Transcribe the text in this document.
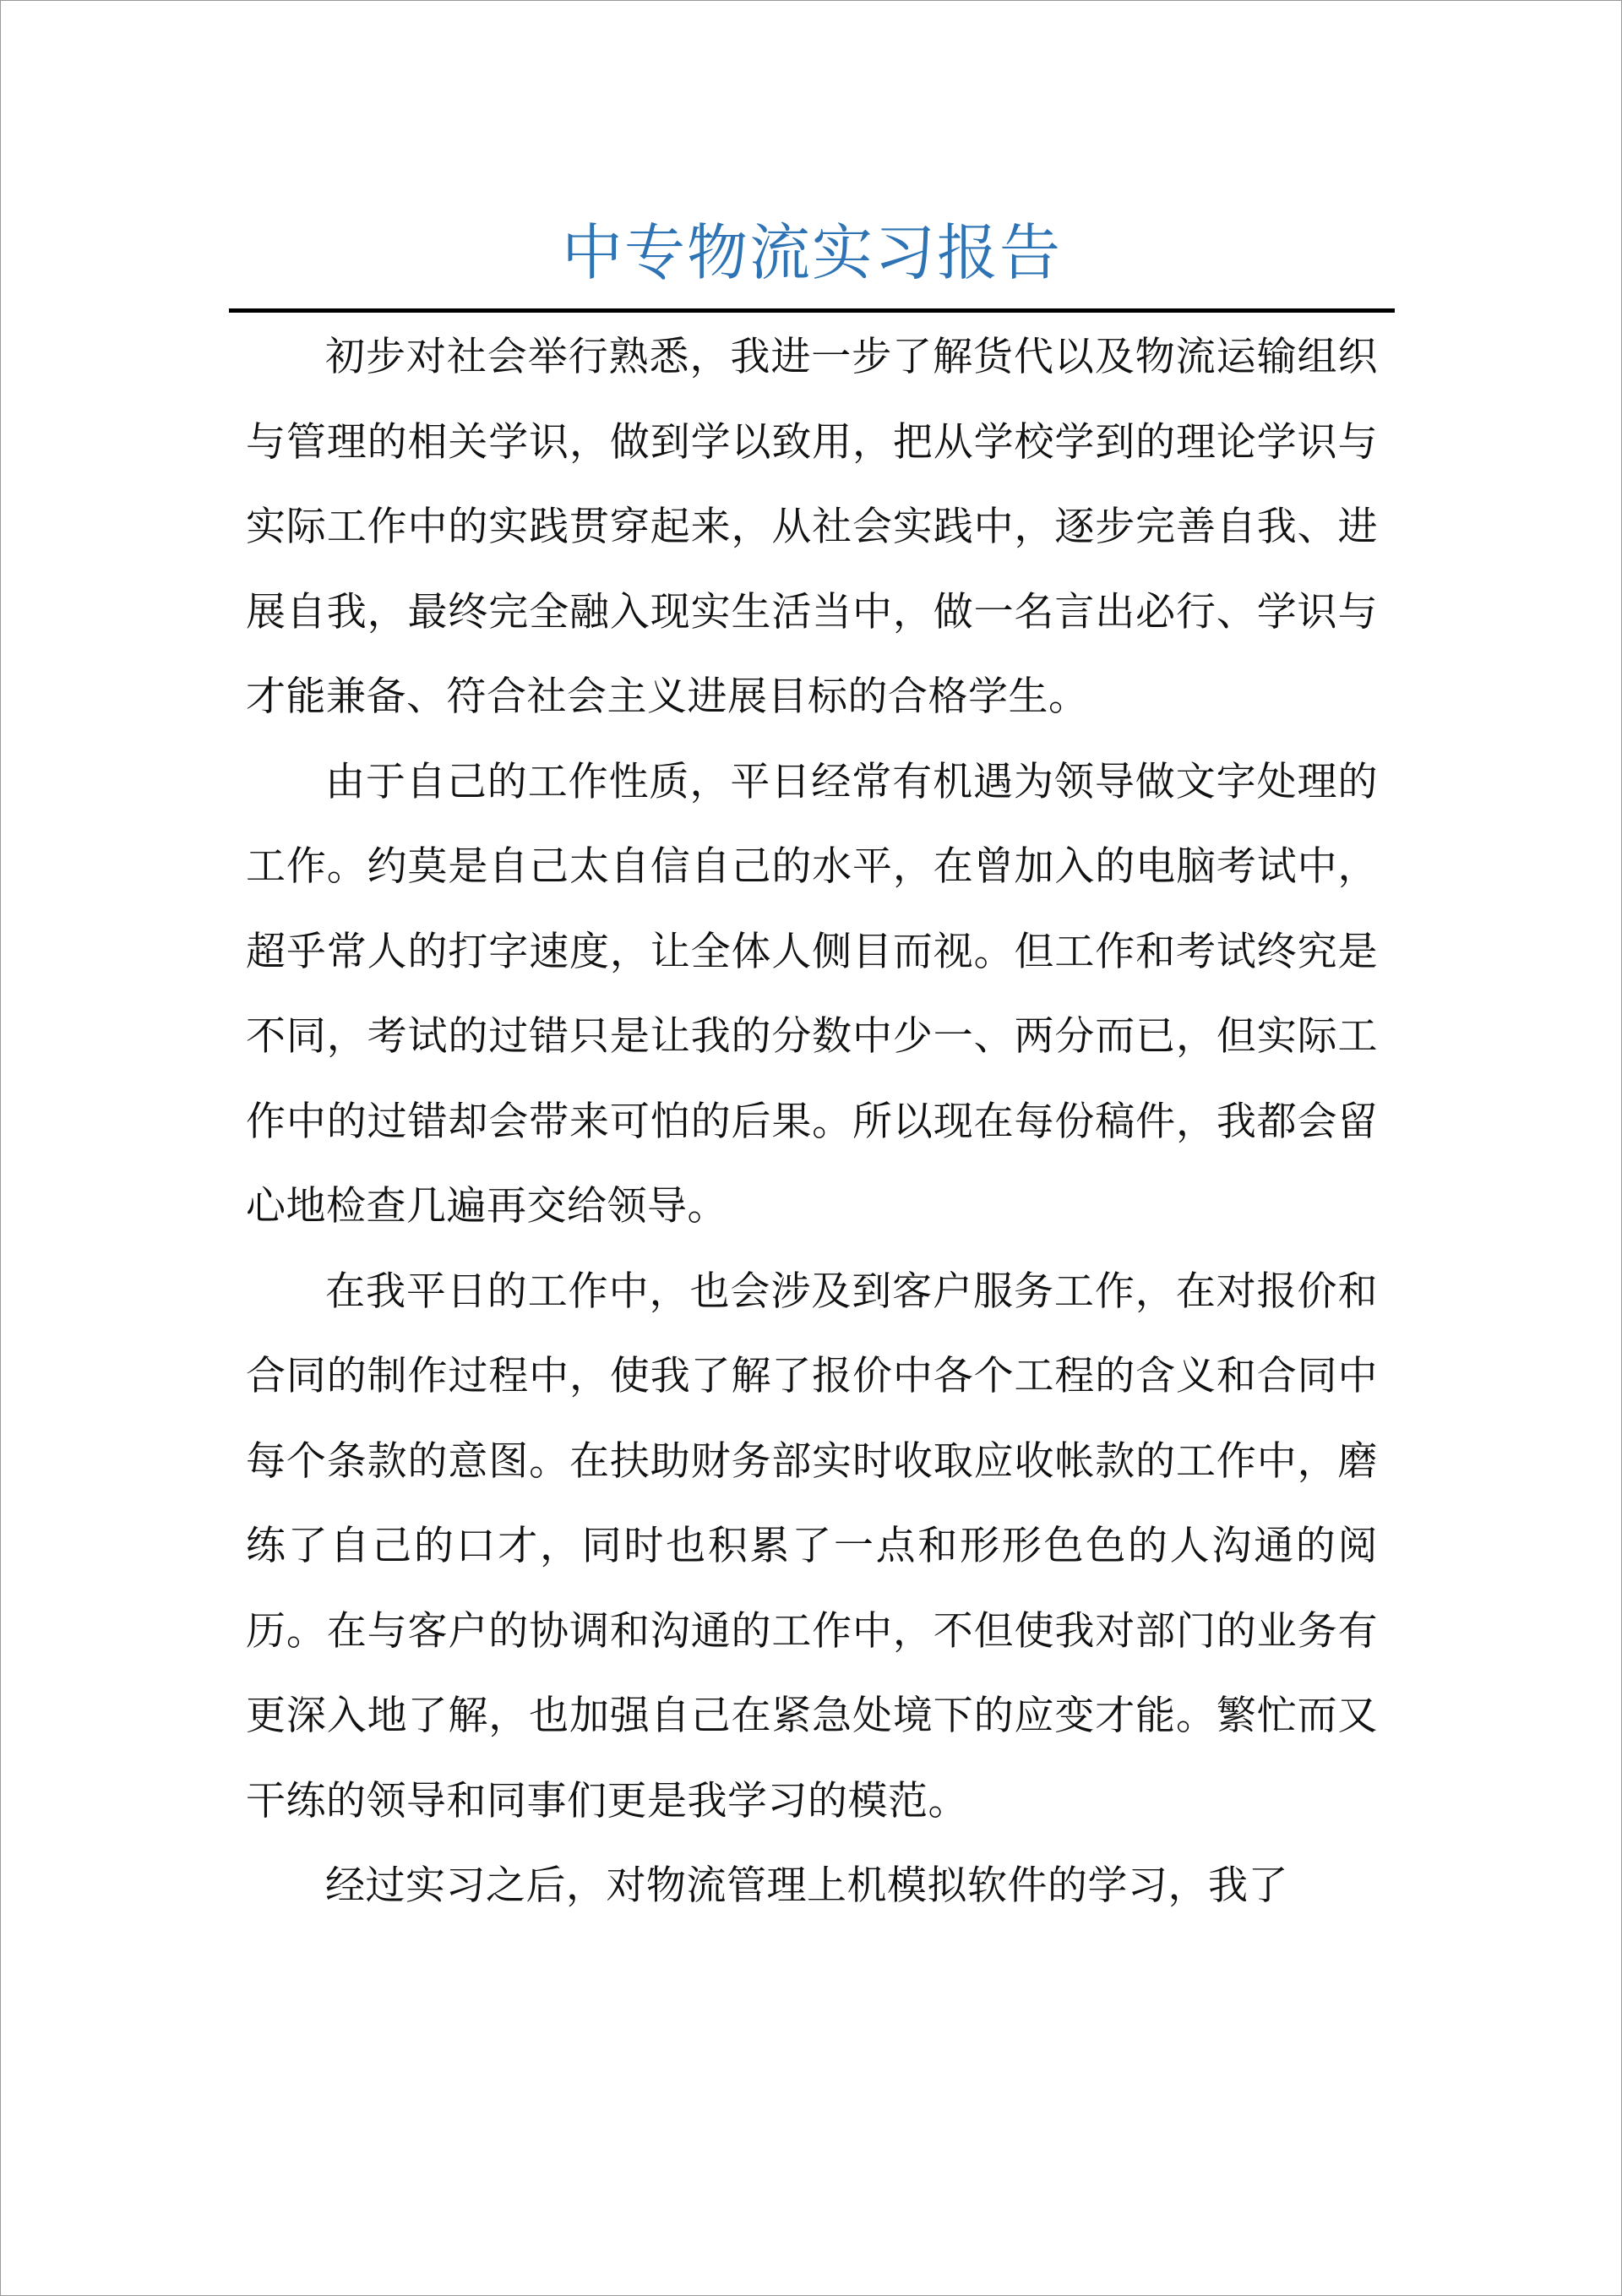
中专物流实习报告

初步对社会举行熟悉，我进一步了解货代以及物流运输组织与管理的相关学识，做到学以致用，把从学校学到的理论学识与实际工作中的实践贯穿起来，从社会实践中，逐步完善自我、进展自我，最终完全融入现实生活当中，做一名言出必行、学识与才能兼备、符合社会主义进展目标的合格学生。

由于自己的工作性质，平日经常有机遇为领导做文字处理的工作。约莫是自己太自信自己的水平，在曾加入的电脑考试中，超乎常人的打字速度，让全体人侧目而视。但工作和考试终究是不同，考试的过错只是让我的分数中少一、两分而已，但实际工作中的过错却会带来可怕的后果。所以现在每份稿件，我都会留心地检查几遍再交给领导。

在我平日的工作中，也会涉及到客户服务工作，在对报价和合同的制作过程中，使我了解了报价中各个工程的含义和合同中每个条款的意图。在扶助财务部实时收取应收帐款的工作中，磨练了自己的口才，同时也积累了一点和形形色色的人沟通的阅历。在与客户的协调和沟通的工作中，不但使我对部门的业务有更深入地了解，也加强自己在紧急处境下的应变才能。繁忙而又干练的领导和同事们更是我学习的模范。

经过实习之后，对物流管理上机模拟软件的学习，我了
